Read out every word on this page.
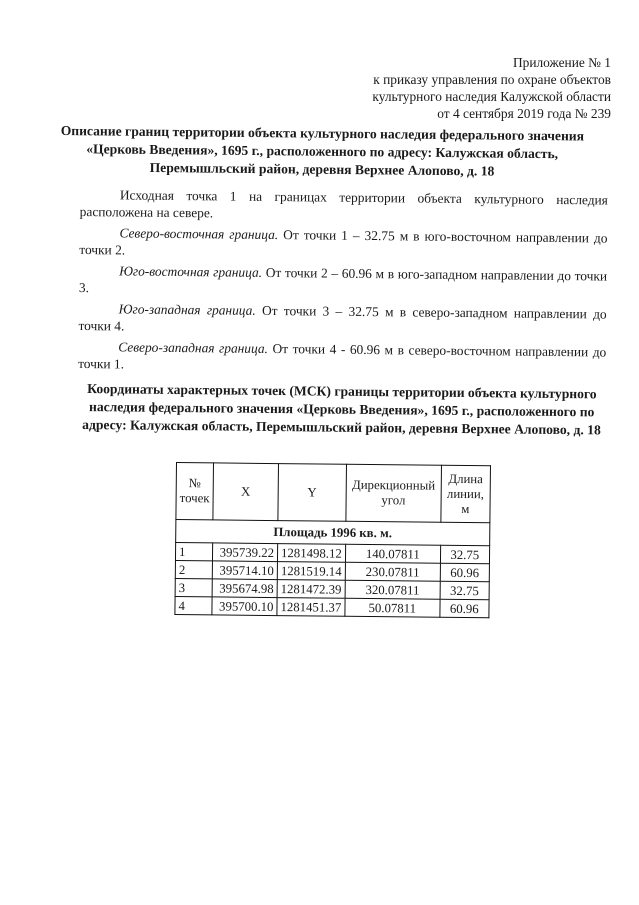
Приложение № 1
к приказу управления по охране объектов
культурного наследия Калужской области
от 4 сентября 2019 года № 239
Описание границ территории объекта культурного наследия федерального значения «Церковь Введения», 1695 г., расположенного по адресу: Калужская область, Перемышльский район, деревня Верхнее Алопово, д. 18

Исходная точка 1 на границах территории объекта культурного наследия расположена на севере.

Северо-восточная граница. От точки 1 – 32.75 м в юго-восточном направлении до точки 2.

Юго-восточная граница. От точки 2 – 60.96 м в юго-западном направлении до точки 3.

Юго-западная граница. От точки 3 – 32.75 м в северо-западном направлении до точки 4.

Северо-западная граница. От точки 4 - 60.96 м в северо-восточном направлении до точки 1.

Координаты характерных точек (МСК) границы территории объекта культурного наследия федерального значения «Церковь Введения», 1695 г., расположенного по адресу: Калужская область, Перемышльский район, деревня Верхнее Алопово, д. 18
№ точек	X	Y	Дирекционный угол	Длина линии, м
Площадь 1996 кв. м.				
1	395739.22	1281498.12	140.07811	32.75
2	395714.10	1281519.14	230.07811	60.96
3	395674.98	1281472.39	320.07811	32.75
4	395700.10	1281451.37	50.07811	60.96
